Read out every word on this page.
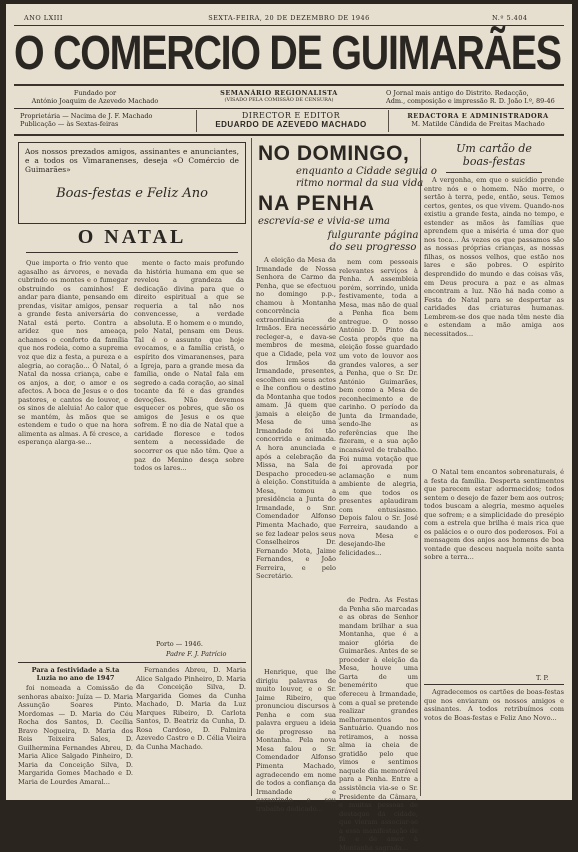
ANO LXIII	SEXTA-FEIRA, 20 DE DEZEMBRO DE 1946	N.º 5.404
O COMERCIO DE GUIMARÃES
Fundado por
António Joaquim de Azevedo Machado
SEMANÁRIO REGIONALISTA
(VISADO PELA COMISSÃO DE CENSURA)
O Jornal mais antigo do Distrito. Redacção,
Adm., composição e impressão R. D. João I.º, 89-46
Proprietária — Nacima de J. F. Machado
Publicação — às Sextas-feiras
DIRECTOR E EDITOR
EDUARDO DE AZEVEDO MACHADO
REDACTORA E ADMINISTRADORA
M. Matilde Cândida de Freitas Machado
Aos nossos prezados amigos, assinantes e anunciantes, e a todos os Vimaranenses, deseja «O Comércio de Guimarães»
Boas-festas e Feliz Ano
O NATAL

Que importa o frio vento que agasalho as árvores, e nevada cubrindo os montes e o fumegar obstruindo os caminhos! É andar para diante, pensando em prendas, visitar amigos, pensar a grande festa aniversária do Natal está perto. Contra a aridez que nos ameaça, achamos o conforto da família que nos rodeia, como a suprema voz que diz a festa, a pureza e a alegria, ao coração... Ó Natal, ó Natal da nossa criança, cabe e os anjos, a dor, o amor e os afectos. A boca de Jesus e o dos pastores, e cantos de louvor, e os sinos de aleluia! Ao calor que se mantém, às mãos que se estendem e tudo o que na hora alimenta as almas. A fé cresce, a esperança alarga-se...

mente o facto mais profundo da história humana em que se revelou a grandeza da dedicação divina para que o direito espiritual a que se requeria a tal não nos convencesse, a verdade absoluta. E o homem e o mundo, pelo Natal, pensam em Deus. Tal é o assunto que hoje evocamos, e a família cristã, o espírito dos vimaranenses, para a Igreja, para a grande mesa da família, onde o Natal fala em segredo a cada coração, ao sinal tocante da fé e das grandes devoções. Não devemos esquecer os pobres, que são os amigos de Jesus e os que sofrem. É no dia de Natal que a caridade floresce e todos sentem a necessidade de socorrer os que não têm. Que a paz do Menino desça sobre todos os lares...

Porto — 1946.
Padre F. J. Patrício
NO DOMINGO,
enquanto a Cidade seguia o
ritmo normal da sua vida
NA PENHA
escrevia-se e vivia-se uma
fulgurante página
do seu progresso

A eleição da Mesa da Irmandade de Nossa Senhora de Carmo da Penha, que se efectuou no domingo p.p., chamou à Montanha concorrência extraordinária de Irmãos. Era necessário recleger-a, e dava-se membros de mesma, que a Cidade, pela voz dos Irmãos da Irmandade, presentes, escolheu em seus actos e lhe confiou o destino da Montanha que todos amam. Já quem que jamais a eleição de Mesa de uma Irmandade foi tão concorrida e animada. A hora anunciada e após a celebração da Missa, na Sala de Despacho procedeu-se à eleição. Constituída a Mesa, tomou a presidência a Junta do Irmandade, o Snr. Comendador Alfonso Pimenta Machado, que se fez ladear pelos seus Conselheiros Dr. Fernando Mota, Jaime Fernandes, e João Ferreira, e pelo Secretário.

nem com pessoais relevantes serviços à Penha. A assembleia porém, sorrindo, unida festivamente, toda a Mesa, mas não de qual a Penha fica bem entregue. O nosso António D. Pinto da Costa propôs que na eleição fosse guardado um voto de louvor aos grandes valores, a ser a Penha, que o Sr. Dr. António Guimarães, bem como a Mesa de reconhecimento e de carinho. O período da Junta da Irmandade, sendo-lhe as referências que lhe fizeram, e a sua ação incansável de trabalho. Foi numa votação que foi aprovada por aclamação e num ambiente de alegria, em que todos os presentes aplaudiram com entusiasmo. Depois falou o Sr. José Ferreira, saudando a nova Mesa e desejando-lhe felicidades...

de Pedra. As Festas da Penha são marcadas e as obras de Senhor mandam brilhar a sua Montanha, que é a maior glória de Guimarães. Antes de se proceder à eleição da Mesa, houve uma Garta de um benemérito que ofereceu à Irmandade, com a qual se pretende realizar grandes melhoramentos no Santuário. Quando nos retiramos, a nossa alma ia cheia de gratidão pelo que vimos e sentimos naquele dia memorável para a Penha. Entre a assistência via-se o Sr. Presidente da Câmara, e muitas pessoas de destaque da cidade, que vieram associar-se a essa manifestação de fé e de amor à Montanha sagrada...

Um cartão de
boas-festas

A vergonha, em que o suicídio prende entre nós e o homem. Não morre, o sertão à terra, pede, então, seus. Temos certos, gentes, os que vivem. Quando-nos existiu a grande festa, ainda no tempo, e estender as mãos às famílias que aprendem que a miséria é uma dor que nos toca... Às vezes os que passamos são as nossas próprias crianças, as nossas filhas, os nossos velhos, que estão nos lares e são pobres. O espírito desprendido do mundo e das coisas vãs, em Deus procura a paz e as almas encontram a luz. Não há nada como a Festa do Natal para se despertar as caridades das criaturas humanas. Lembrem-se dos que nada têm neste dia e estendam a mão amiga aos necessitados...

O Natal tem encantos sobrenaturais, é a festa da família. Desperta sentimentos que parecem estar adormecidos; todos sentem o desejo de fazer bem aos outros; todos buscam a alegria, mesmo aqueles que sofrem; e a simplicidade do presépio com a estrela que brilha é mais rica que os palácios e o ouro dos poderosos. Foi a mensagem dos anjos aos homens de boa vontade que desceu naquela noite santa sobre a terra...

T. P.
Para a festividade a S.ta
Luzia no ano de 1947

foi nomeada a Comissão de senhoras abaixo: Juíza — D. Maria Assunção Soares Pinto. Mordomas — D. Maria do Céu Rocha dos Santos, D. Cecília Bravo Nogueira, D. Maria dos Reis Teixeira Sales, D. Guilhermina Fernandes Abreu, D. Maria Alice Salgado Pinheiro, D. Maria da Conceição Silva, D. Margarida Gomes Machado e D. Maria de Lourdes Amaral...

Fernandes Abreu, D. Maria Alice Salgado Pinheiro, D. Maria da Conceição Silva, D. Margarida Gomes da Cunha Machado, D. Maria da Luz Marques Ribeiro, D. Carlota Santos, D. Beatriz da Cunha, D. Rosa Cardoso, D. Palmira Azevedo Castro e D. Célia Vieira da Cunha Machado.

Henrique, que lhe dirigiu palavras de muito louvor, e o Sr. Jaime Ribeiro, que pronunciou discursos à Penha e com sua palavra ergueu a ideia de progresso na Montanha. Pela nova Mesa falou o Sr. Comendador Alfonso Pimenta Machado, agradecendo em nome de todos a confiança da Irmandade e garantindo o seu trabalho dedicado...

Agradecemos os cartões de boas-festas que nos enviaram os nossos amigos e assinantes. A todos retribuímos com votos de Boas-festas e Feliz Ano Novo...
